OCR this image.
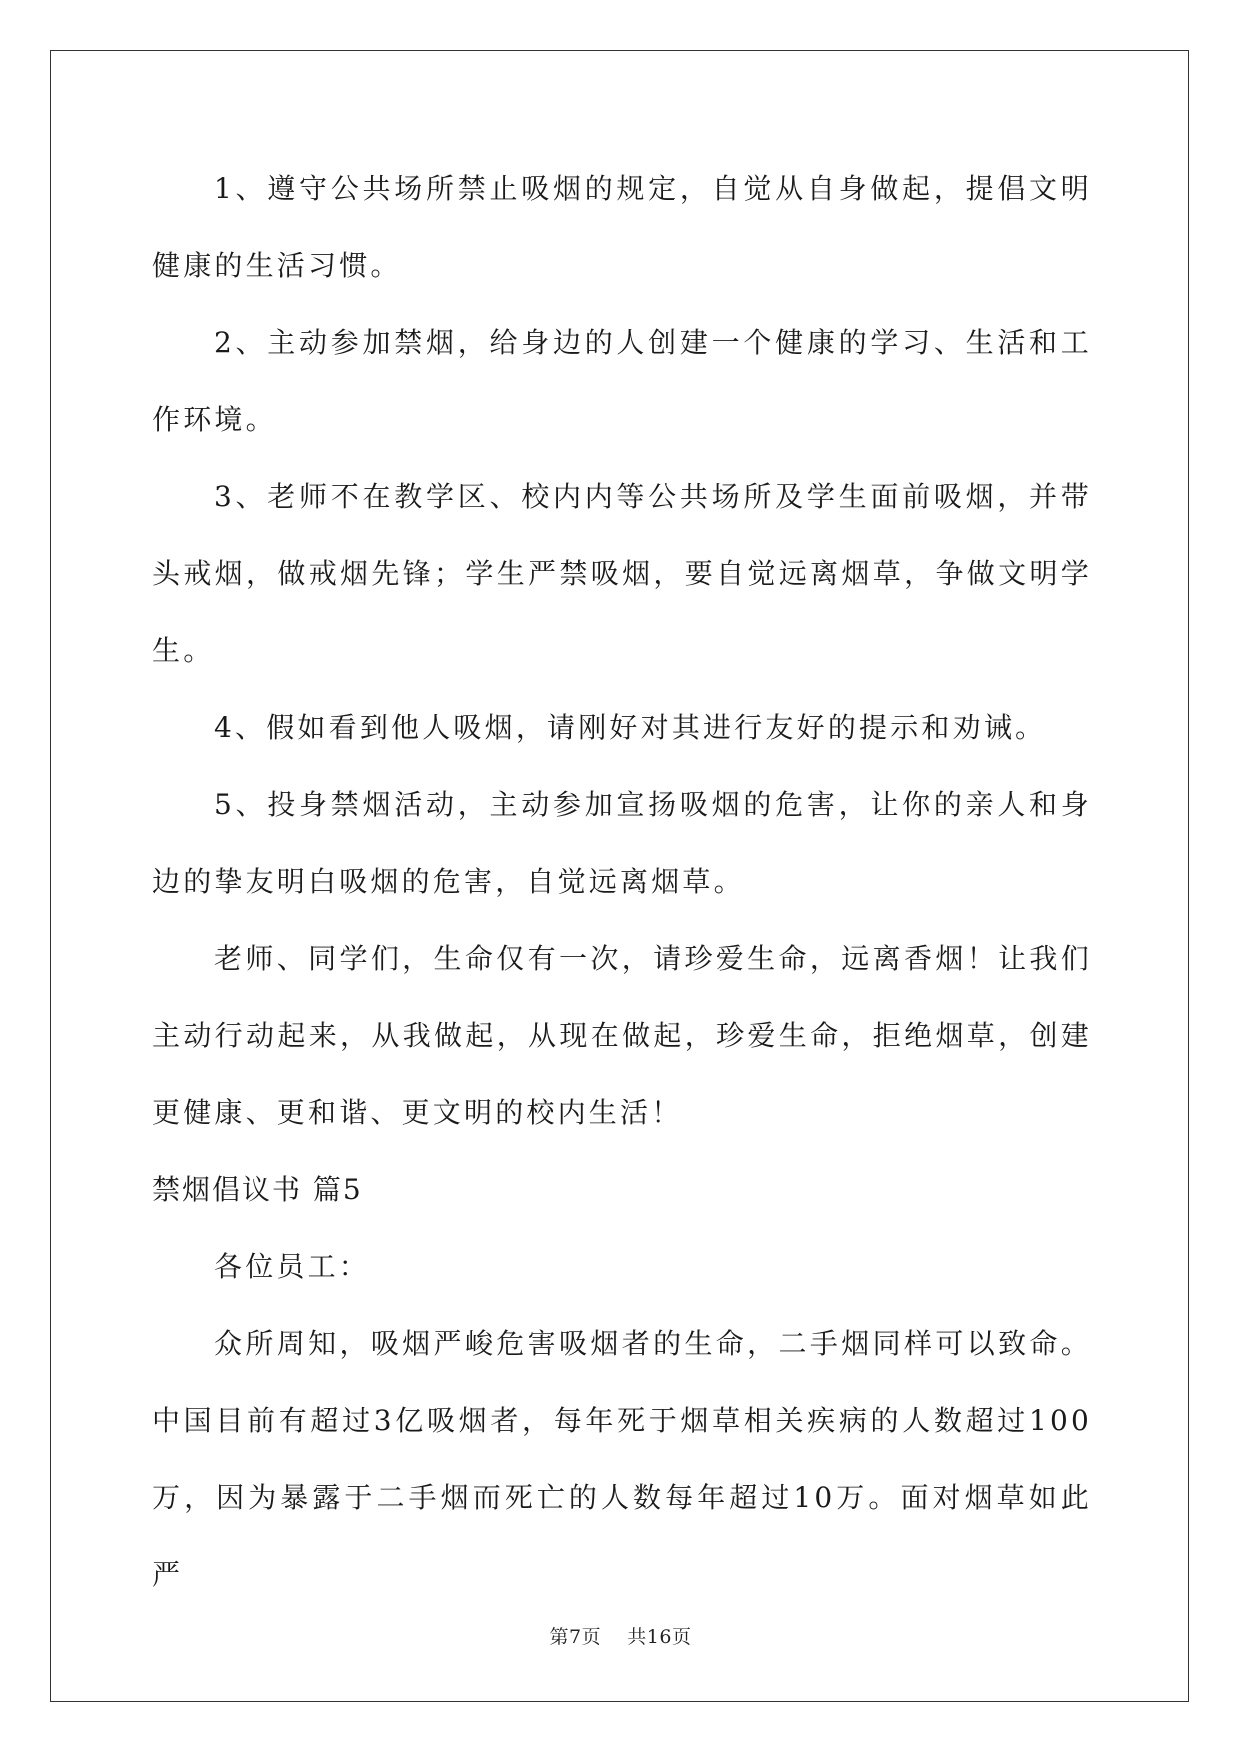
1、遵守公共场所禁止吸烟的规定，自觉从自身做起，提倡文明健康的生活习惯。

2、主动参加禁烟，给身边的人创建一个健康的学习、生活和工作环境。

3、老师不在教学区、校内内等公共场所及学生面前吸烟，并带头戒烟，做戒烟先锋；学生严禁吸烟，要自觉远离烟草，争做文明学生。

4、假如看到他人吸烟，请刚好对其进行友好的提示和劝诫。

5、投身禁烟活动，主动参加宣扬吸烟的危害，让你的亲人和身边的挚友明白吸烟的危害，自觉远离烟草。

老师、同学们，生命仅有一次，请珍爱生命，远离香烟！让我们主动行动起来，从我做起，从现在做起，珍爱生命，拒绝烟草，创建更健康、更和谐、更文明的校内生活！

禁烟倡议书 篇5

各位员工：

众所周知，吸烟严峻危害吸烟者的生命，二手烟同样可以致命。中国目前有超过3亿吸烟者，每年死于烟草相关疾病的人数超过100万，因为暴露于二手烟而死亡的人数每年超过10万。面对烟草如此严

第7页    共16页
